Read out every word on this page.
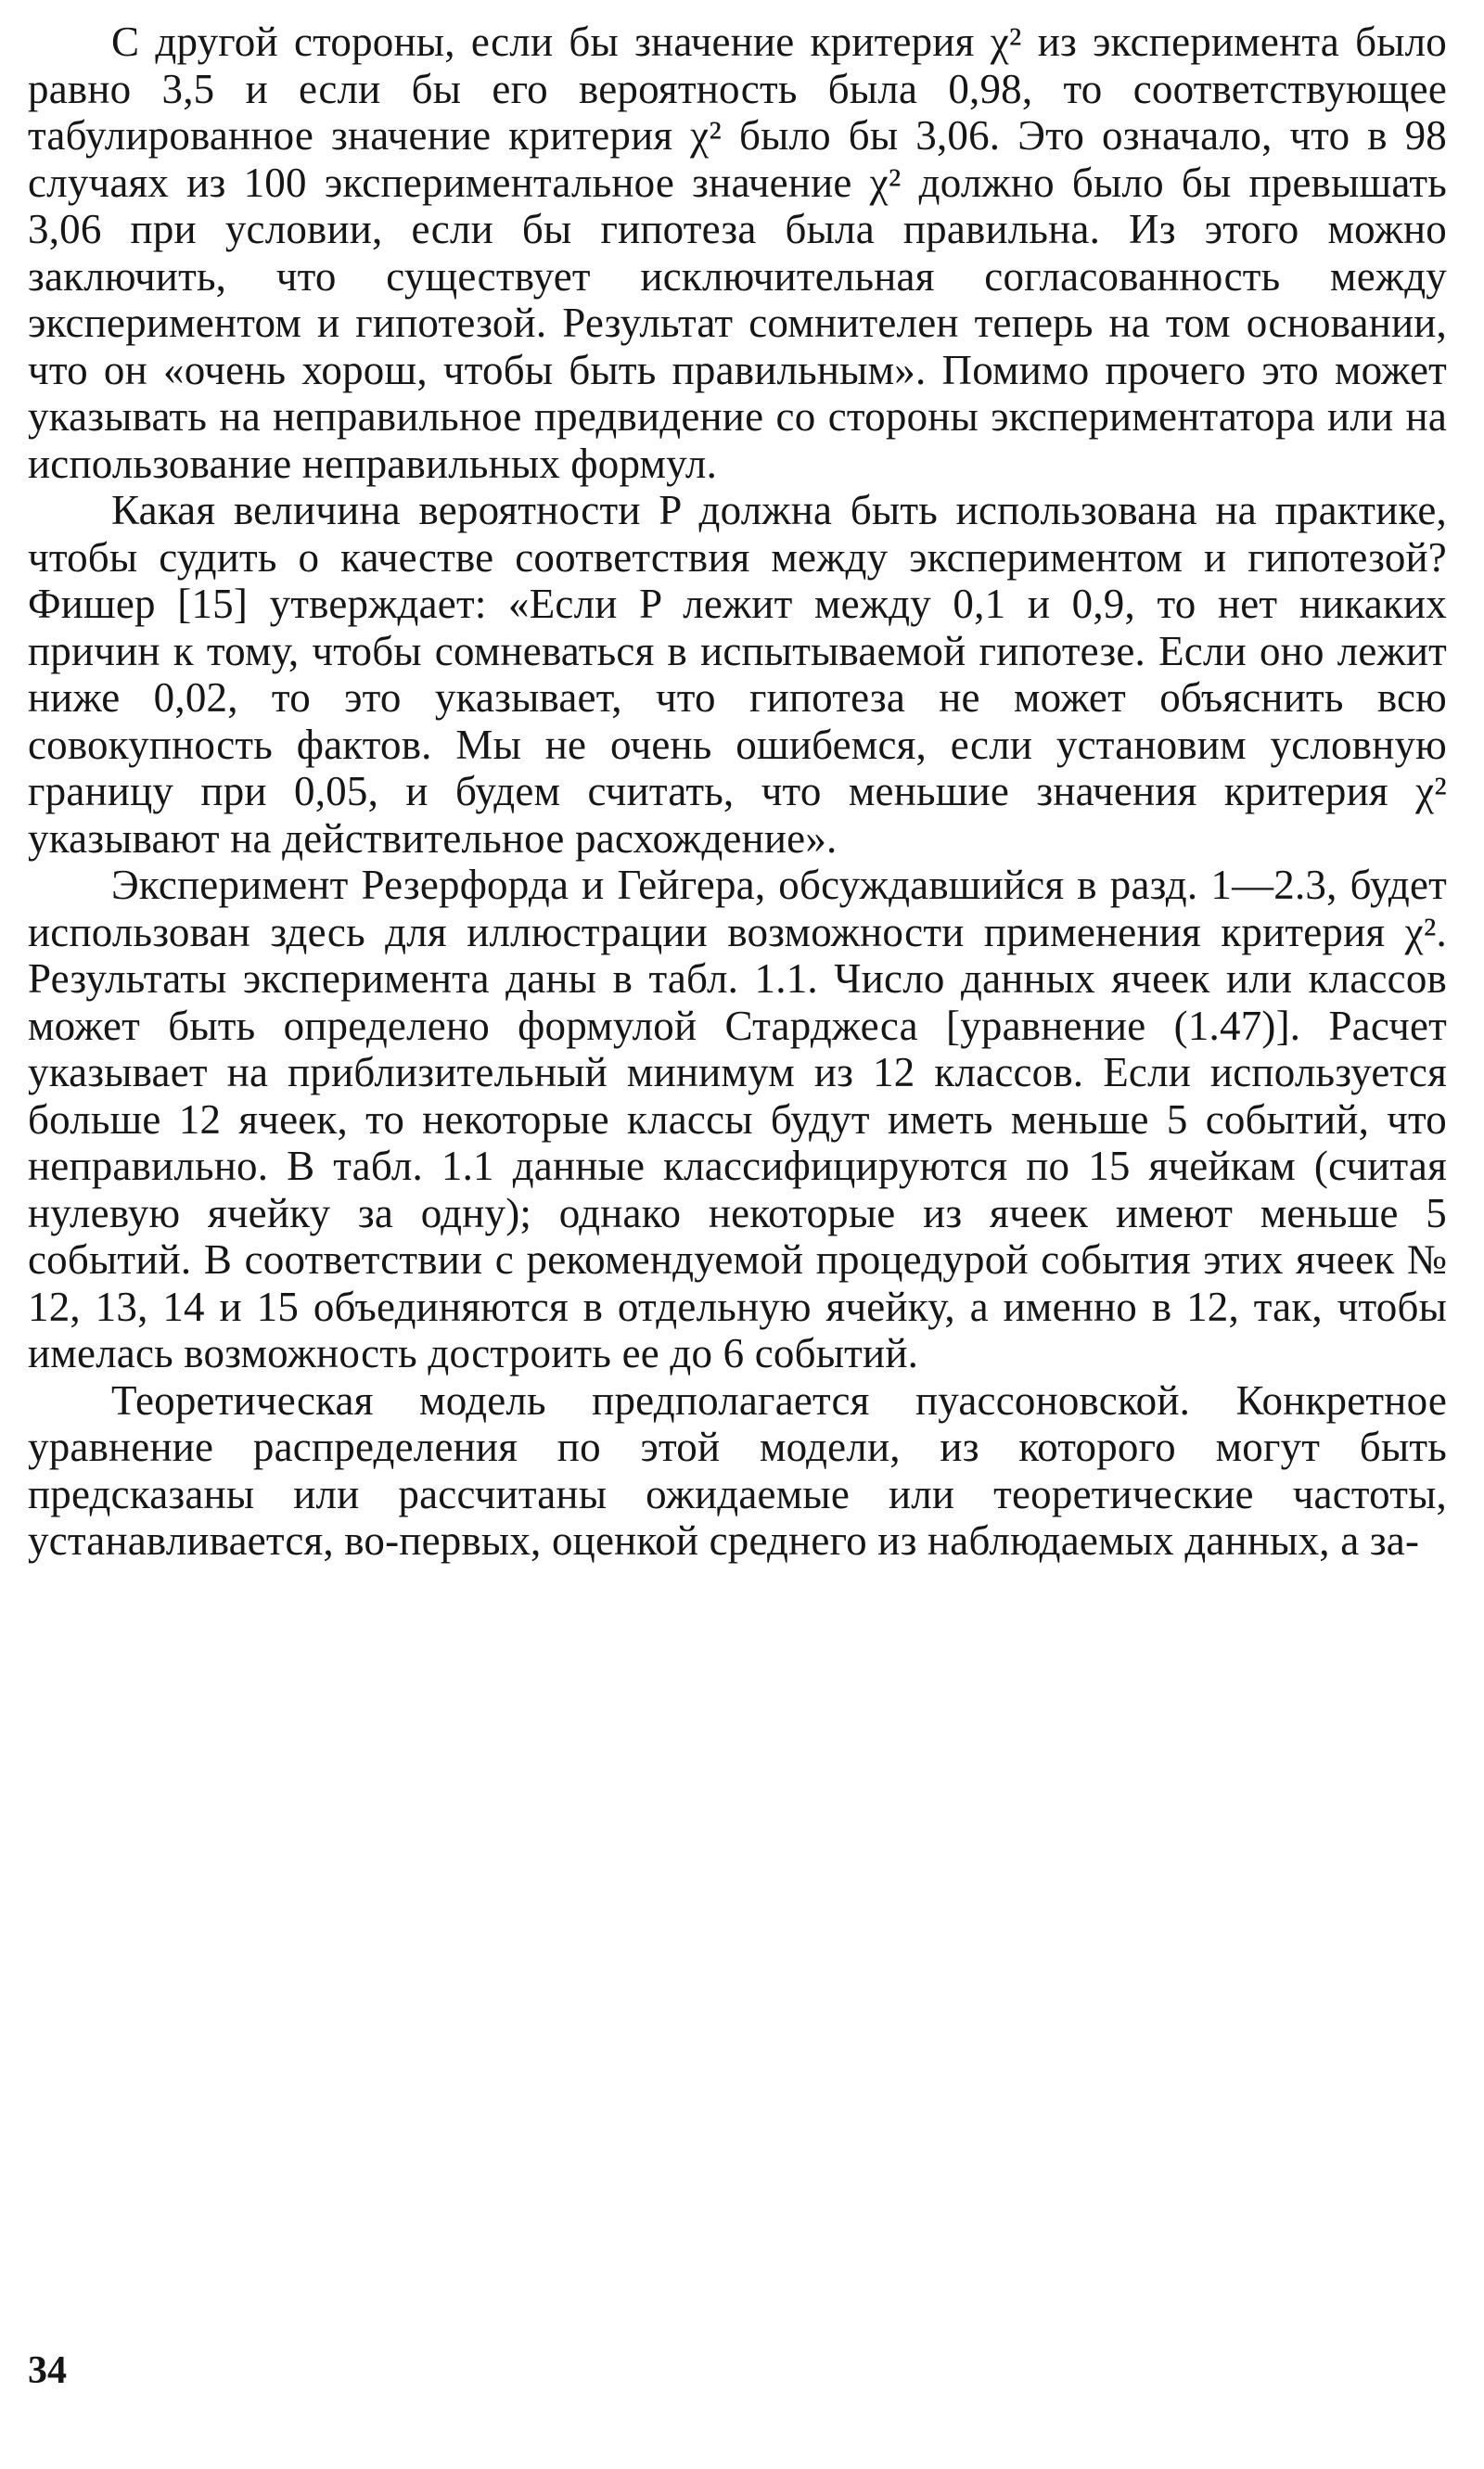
С другой стороны, если бы значение критерия χ² из эксперимента было равно 3,5 и если бы его вероятность была 0,98, то соответствующее табулированное значение критерия χ² было бы 3,06. Это означало, что в 98 случаях из 100 экспериментальное значение χ² должно было бы превышать 3,06 при условии, если бы гипотеза была правильна. Из этого можно заключить, что существует исключительная согласованность между экспериментом и гипотезой. Результат сомнителен теперь на том основании, что он «очень хорош, чтобы быть правильным». Помимо прочего это может указывать на неправильное предвидение со стороны экспериментатора или на использование неправильных формул.

Какая величина вероятности P должна быть использована на практике, чтобы судить о качестве соответствия между экспериментом и гипотезой? Фишер [15] утверждает: «Если P лежит между 0,1 и 0,9, то нет никаких причин к тому, чтобы сомневаться в испытываемой гипотезе. Если оно лежит ниже 0,02, то это указывает, что гипотеза не может объяснить всю совокупность фактов. Мы не очень ошибемся, если установим условную границу при 0,05, и будем считать, что меньшие значения критерия χ² указывают на действительное расхождение».

Эксперимент Резерфорда и Гейгера, обсуждавшийся в разд. 1—2.3, будет использован здесь для иллюстрации возможности применения критерия χ². Результаты эксперимента даны в табл. 1.1. Число данных ячеек или классов может быть определено формулой Старджеса [уравнение (1.47)]. Расчет указывает на приблизительный минимум из 12 классов. Если используется больше 12 ячеек, то некоторые классы будут иметь меньше 5 событий, что неправильно. В табл. 1.1 данные классифицируются по 15 ячейкам (считая нулевую ячейку за одну); однако некоторые из ячеек имеют меньше 5 событий. В соответствии с рекомендуемой процедурой события этих ячеек № 12, 13, 14 и 15 объединяются в отдельную ячейку, а именно в 12, так, чтобы имелась возможность достроить ее до 6 событий.

Теоретическая модель предполагается пуассоновской. Конкретное уравнение распределения по этой модели, из которого могут быть предсказаны или рассчитаны ожидаемые или теоретические частоты, устанавливается, во-первых, оценкой среднего из наблюдаемых данных, а за-

34
